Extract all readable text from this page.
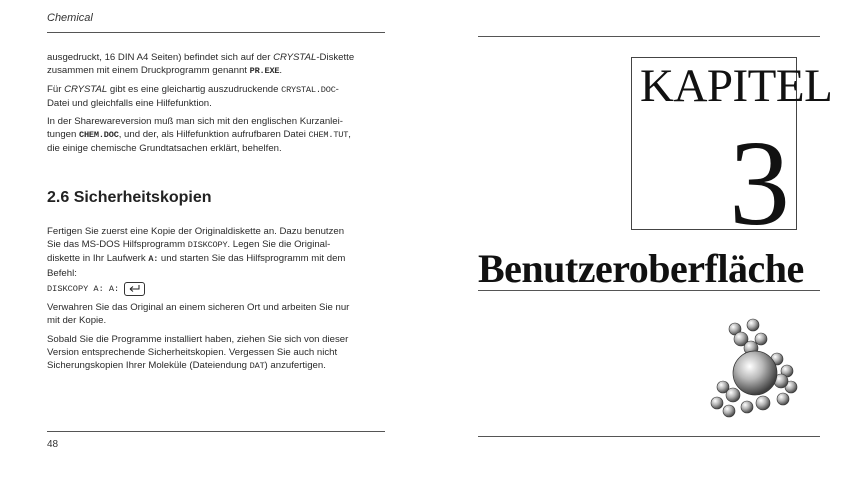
Chemical

ausgedruckt, 16 DIN A4 Seiten) befindet sich auf der CRYSTAL-Diskette
zusammen mit einem Druckprogramm genannt PR.EXE.

Für CRYSTAL gibt es eine gleichartig auszudruckende CRYSTAL.DOC-
Datei und gleichfalls eine Hilfefunktion.

In der Sharewareversion muß man sich mit den englischen Kurzanlei-
tungen CHEM.DOC, und der, als Hilfefunktion aufrufbaren Datei CHEM.TUT,
die einige chemische Grundtatsachen erklärt, behelfen.

2.6 Sicherheitskopien

Fertigen Sie zuerst eine Kopie der Originaldiskette an. Dazu benutzen
Sie das MS-DOS Hilfsprogramm DISKCOPY. Legen Sie die Original-
diskette in Ihr Laufwerk A: und starten Sie das Hilfsprogramm mit dem
Befehl:

DISKCOPY A: A:

Verwahren Sie das Original an einem sicheren Ort und arbeiten Sie nur
mit der Kopie.

Sobald Sie die Programme installiert haben, ziehen Sie sich von dieser
Version entsprechende Sicherheitskopien. Vergessen Sie auch nicht
Sicherungskopien Ihrer Moleküle (Dateiendung DAT) anzufertigen.

48
KAPITEL
3
Benutzeroberfläche
